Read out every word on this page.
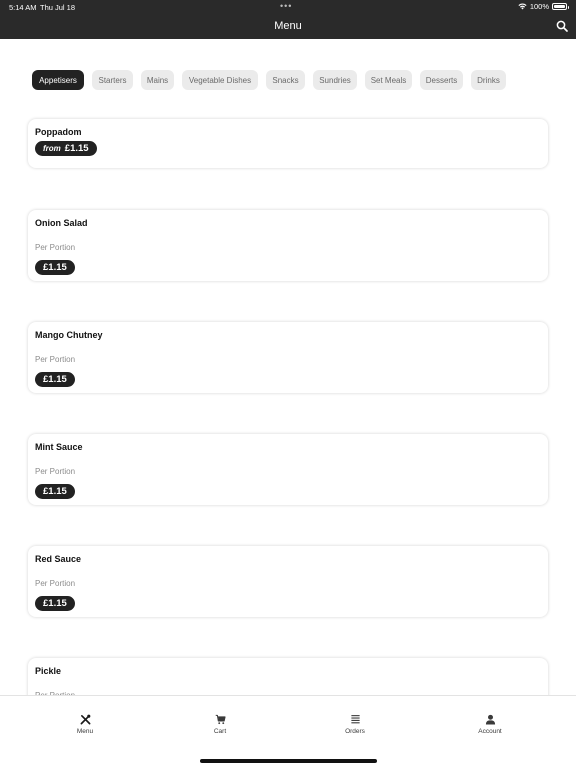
5:14 AM Thu Jul 18	•••	100%
Menu
Appetisers	Starters	Mains	Vegetable Dishes	Snacks	Sundries	Set Meals	Desserts	Drinks
Poppadom
from £1.15
Onion Salad
Per Portion
£1.15
Mango Chutney
Per Portion
£1.15
Mint Sauce
Per Portion
£1.15
Red Sauce
Per Portion
£1.15
Pickle
Menu	Cart	Orders	Account
